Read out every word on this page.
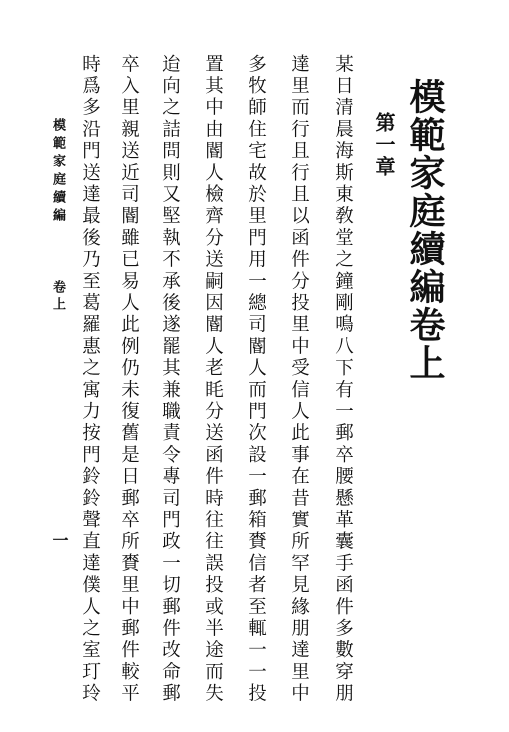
模範家庭續編卷上
第一章
某日清晨海斯東敎堂之鐘剛鳴八下有一郵卒腰懸革囊手函件多數穿朋
達里而行且行且以函件分投里中受信人此事在昔實所罕見緣朋達里中
多牧師住宅故於里門用一總司閽人而門次設一郵箱賚信者至輒一一投
置其中由閽人檢齊分送嗣因閽人老眊分送函件時往往誤投或半途而失
迨向之詰問則又堅執不承後遂罷其兼職責令專司門政一切郵件改命郵
卒入里親送近司閽雖已易人此例仍未復舊是日郵卒所賚里中郵件較平
時爲多沿門送達最後乃至葛羅惠之寓力按門鈴鈴聲直達僕人之室玎玲
模範家庭續編
卷上
一
